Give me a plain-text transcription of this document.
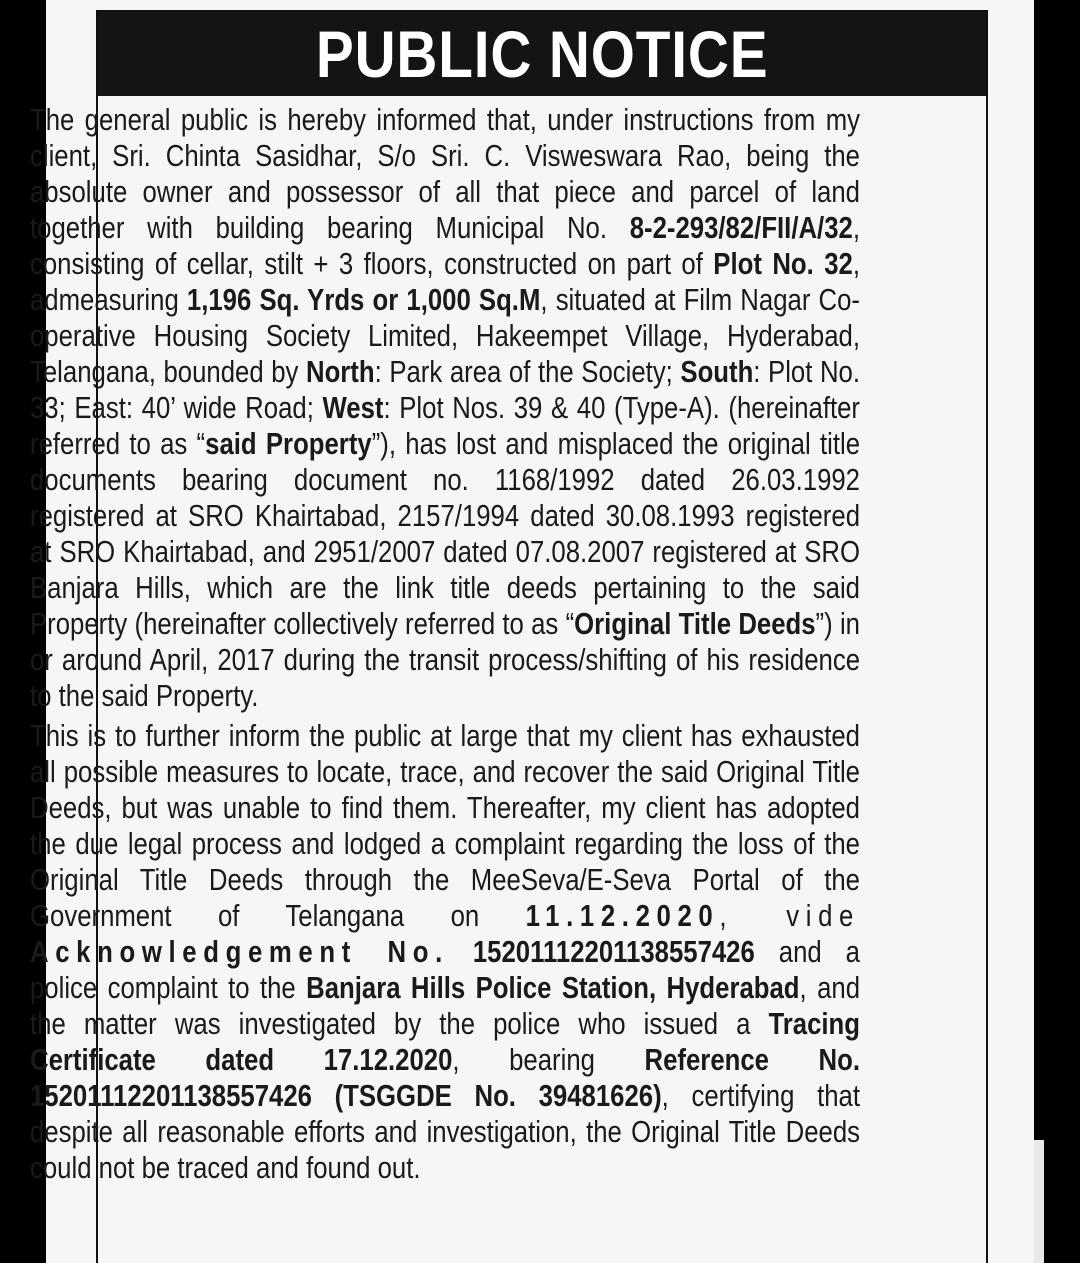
PUBLIC NOTICE

The general public is hereby informed that, under instructions from my client, Sri. Chinta Sasidhar, S/o Sri. C. Visweswara Rao, being the absolute owner and possessor of all that piece and parcel of land together with building bearing Municipal No. 8-2-293/82/FII/A/32, consisting of cellar, stilt + 3 floors, constructed on part of Plot No. 32, admeasuring 1,196 Sq. Yrds or 1,000 Sq.M, situated at Film Nagar Co-operative Housing Society Limited, Hakeempet Village, Hyderabad, Telangana, bounded by North: Park area of the Society; South: Plot No. 33; East: 40’ wide Road; West: Plot Nos. 39 & 40 (Type-A). (hereinafter referred to as “said Property”), has lost and misplaced the original title documents bearing document no. 1168/1992 dated 26.03.1992 registered at SRO Khairtabad, 2157/1994 dated 30.08.1993 registered at SRO Khairtabad, and 2951/2007 dated 07.08.2007 registered at SRO Banjara Hills, which are the link title deeds pertaining to the said Property (hereinafter collectively referred to as “Original Title Deeds”) in or around April, 2017 during the transit process/shifting of his residence to the said Property.

This is to further inform the public at large that my client has exhausted all possible measures to locate, trace, and recover the said Original Title Deeds, but was unable to find them. Thereafter, my client has adopted the due legal process and lodged a complaint regarding the loss of the Original Title Deeds through the MeeSeva/E-Seva Portal of the Government of Telangana on 11.12.2020, vide Acknowledgement No. 15201112201138557426 and a police complaint to the Banjara Hills Police Station, Hyderabad, and the matter was investigated by the police who issued a Tracing Certificate dated 17.12.2020, bearing Reference No. 15201112201138557426 (TSGGDE No. 39481626), certifying that despite all reasonable efforts and investigation, the Original Title Deeds could not be traced and found out.
